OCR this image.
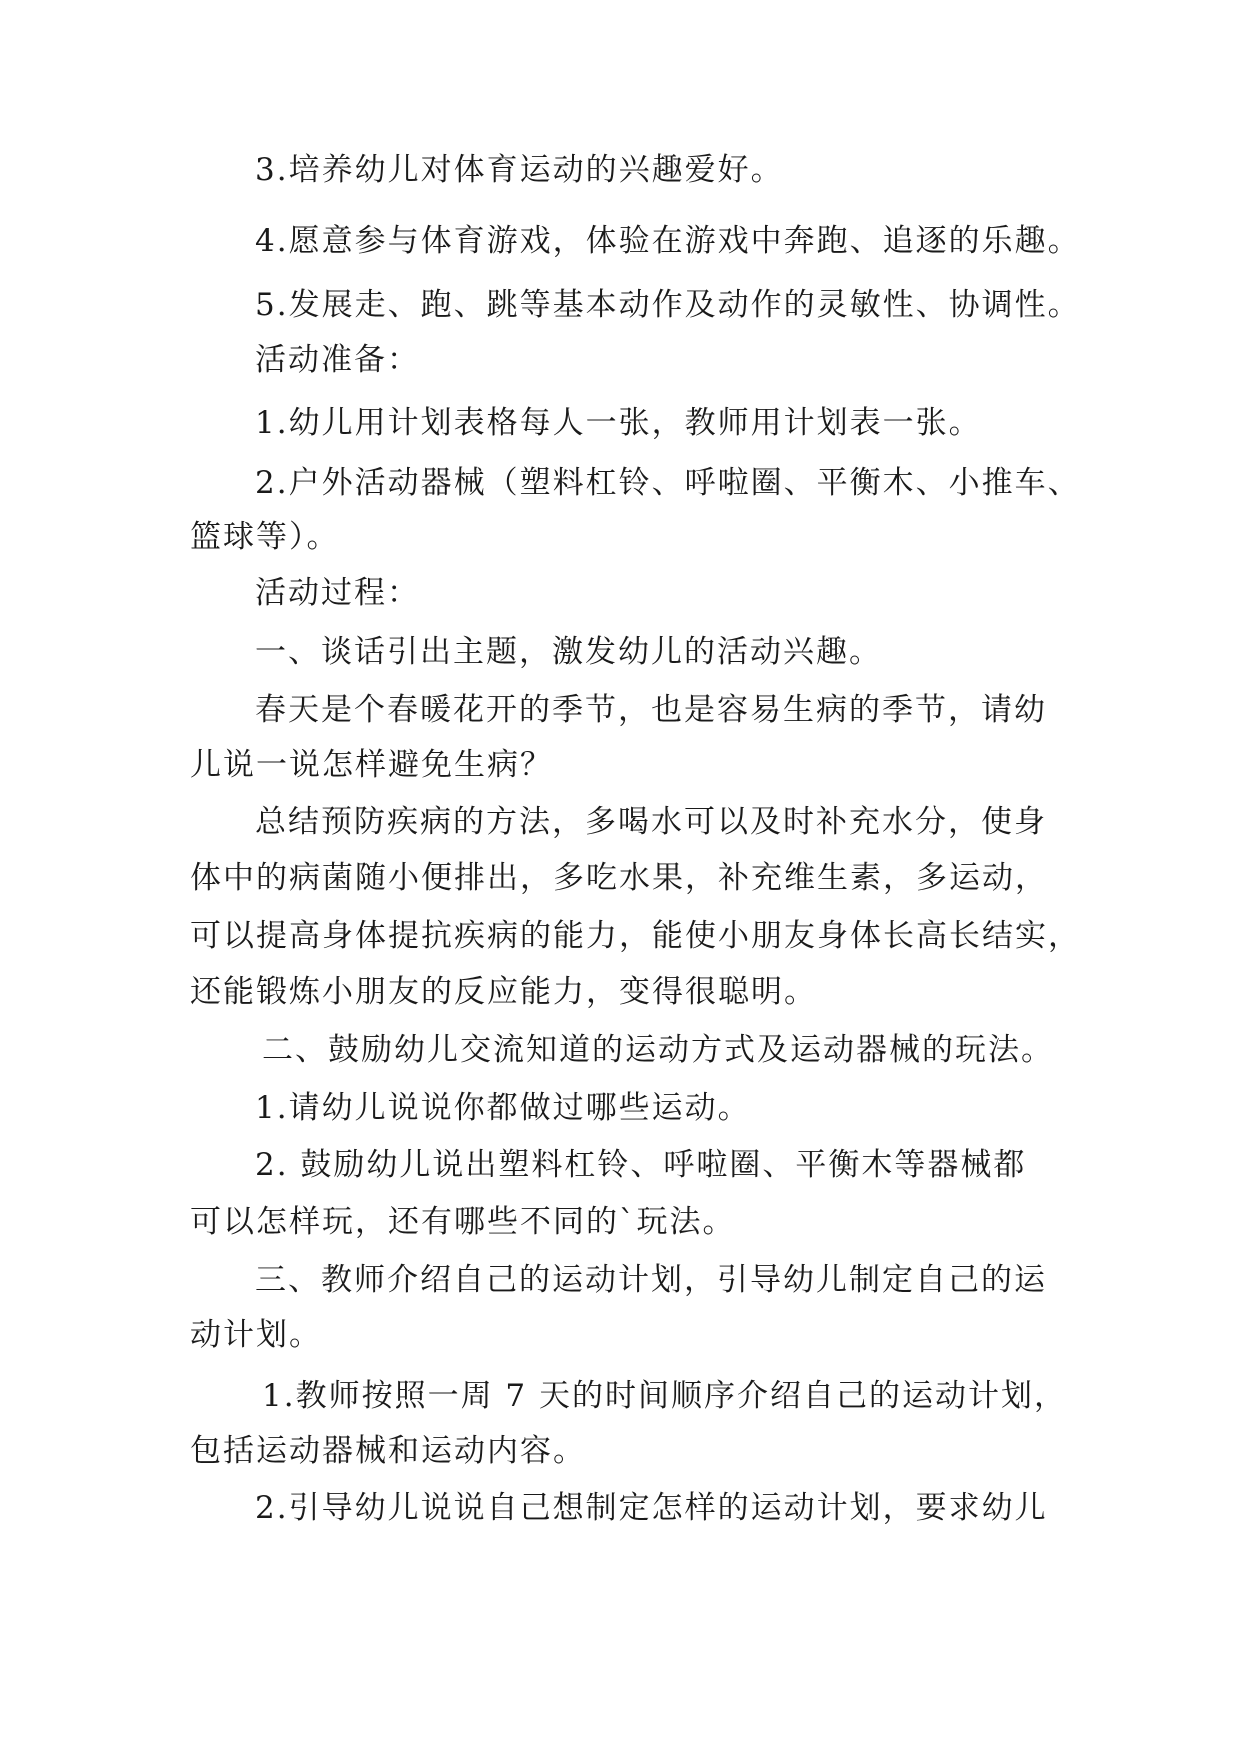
3.培养幼儿对体育运动的兴趣爱好。
4.愿意参与体育游戏，体验在游戏中奔跑、追逐的乐趣。
5.发展走、跑、跳等基本动作及动作的灵敏性、协调性。
活动准备：
1.幼儿用计划表格每人一张，教师用计划表一张。
2.户外活动器械（塑料杠铃、呼啦圈、平衡木、小推车、
篮球等）。
活动过程：
一、谈话引出主题，激发幼儿的活动兴趣。
春天是个春暖花开的季节，也是容易生病的季节，请幼
儿说一说怎样避免生病？
总结预防疾病的方法，多喝水可以及时补充水分，使身
体中的病菌随小便排出，多吃水果，补充维生素，多运动，
可以提高身体提抗疾病的能力，能使小朋友身体长高长结实，
还能锻炼小朋友的反应能力，变得很聪明。
二、鼓励幼儿交流知道的运动方式及运动器械的玩法。
1.请幼儿说说你都做过哪些运动。
2. 鼓励幼儿说出塑料杠铃、呼啦圈、平衡木等器械都
可以怎样玩，还有哪些不同的`玩法。
三、教师介绍自己的运动计划，引导幼儿制定自己的运
动计划。
1.教师按照一周 7 天的时间顺序介绍自己的运动计划，
包括运动器械和运动内容。
2.引导幼儿说说自己想制定怎样的运动计划，要求幼儿
